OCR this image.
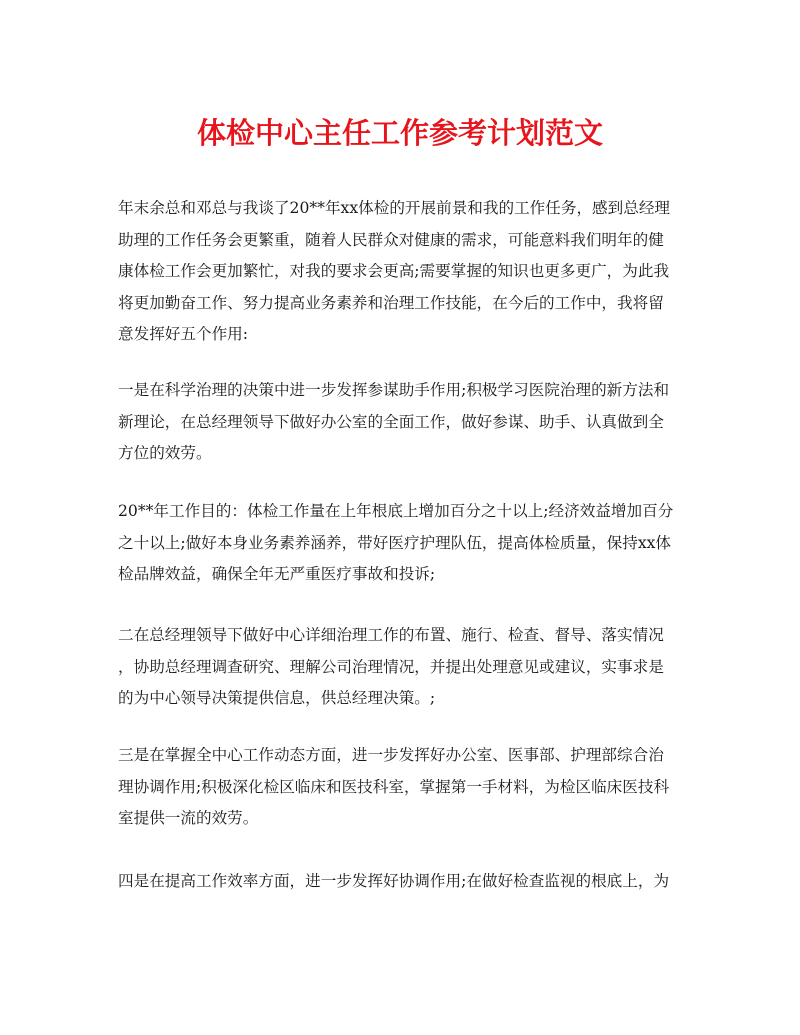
体检中心主任工作参考计划范文

年末余总和邓总与我谈了20**年xx体检的开展前景和我的工作任务，感到总经理
助理的工作任务会更繁重，随着人民群众对健康的需求，可能意料我们明年的健
康体检工作会更加繁忙，对我的要求会更高;需要掌握的知识也更多更广，为此我
将更加勤奋工作、努力提高业务素养和治理工作技能，在今后的工作中，我将留
意发挥好五个作用:

一是在科学治理的决策中进一步发挥参谋助手作用;积极学习医院治理的新方法和
新理论，在总经理领导下做好办公室的全面工作，做好参谋、助手、认真做到全
方位的效劳。

20**年工作目的：体检工作量在上年根底上增加百分之十以上;经济效益增加百分
之十以上;做好本身业务素养涵养，带好医疗护理队伍，提高体检质量，保持xx体
检品牌效益，确保全年无严重医疗事故和投诉;

二在总经理领导下做好中心详细治理工作的布置、施行、检查、督导、落实情况
，协助总经理调查研究、理解公司治理情况，并提出处理意见或建议，实事求是
的为中心领导决策提供信息，供总经理决策。;

三是在掌握全中心工作动态方面，进一步发挥好办公室、医事部、护理部综合治
理协调作用;积极深化检区临床和医技科室，掌握第一手材料，为检区临床医技科
室提供一流的效劳。

四是在提高工作效率方面，进一步发挥好协调作用;在做好检查监视的根底上，为
